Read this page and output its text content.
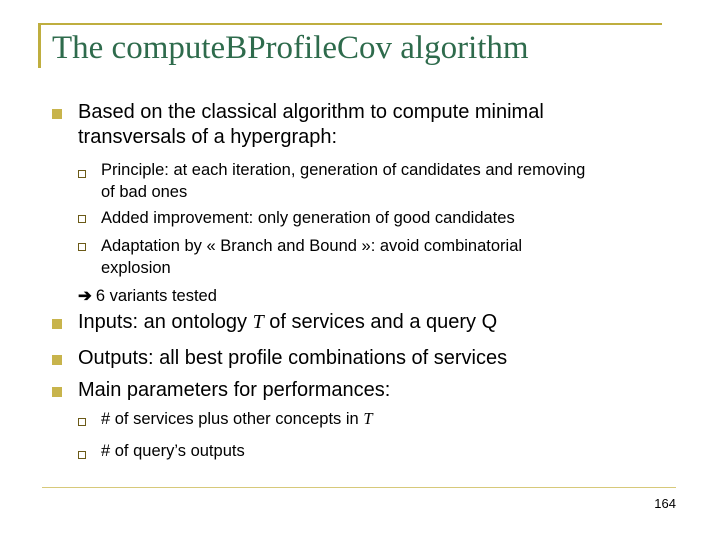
The computeBProfileCov algorithm
Based on the classical algorithm to compute minimal
transversals of a hypergraph:
Principle: at each iteration, generation of candidates and removing
of bad ones
Added improvement: only generation of good candidates
Adaptation by « Branch and Bound »: avoid combinatorial
explosion
➔ 6 variants tested
Inputs: an ontology T of services and a query Q
Outputs: all best profile combinations of services
Main parameters for performances:
# of services plus other concepts in T
# of query’s outputs
164
